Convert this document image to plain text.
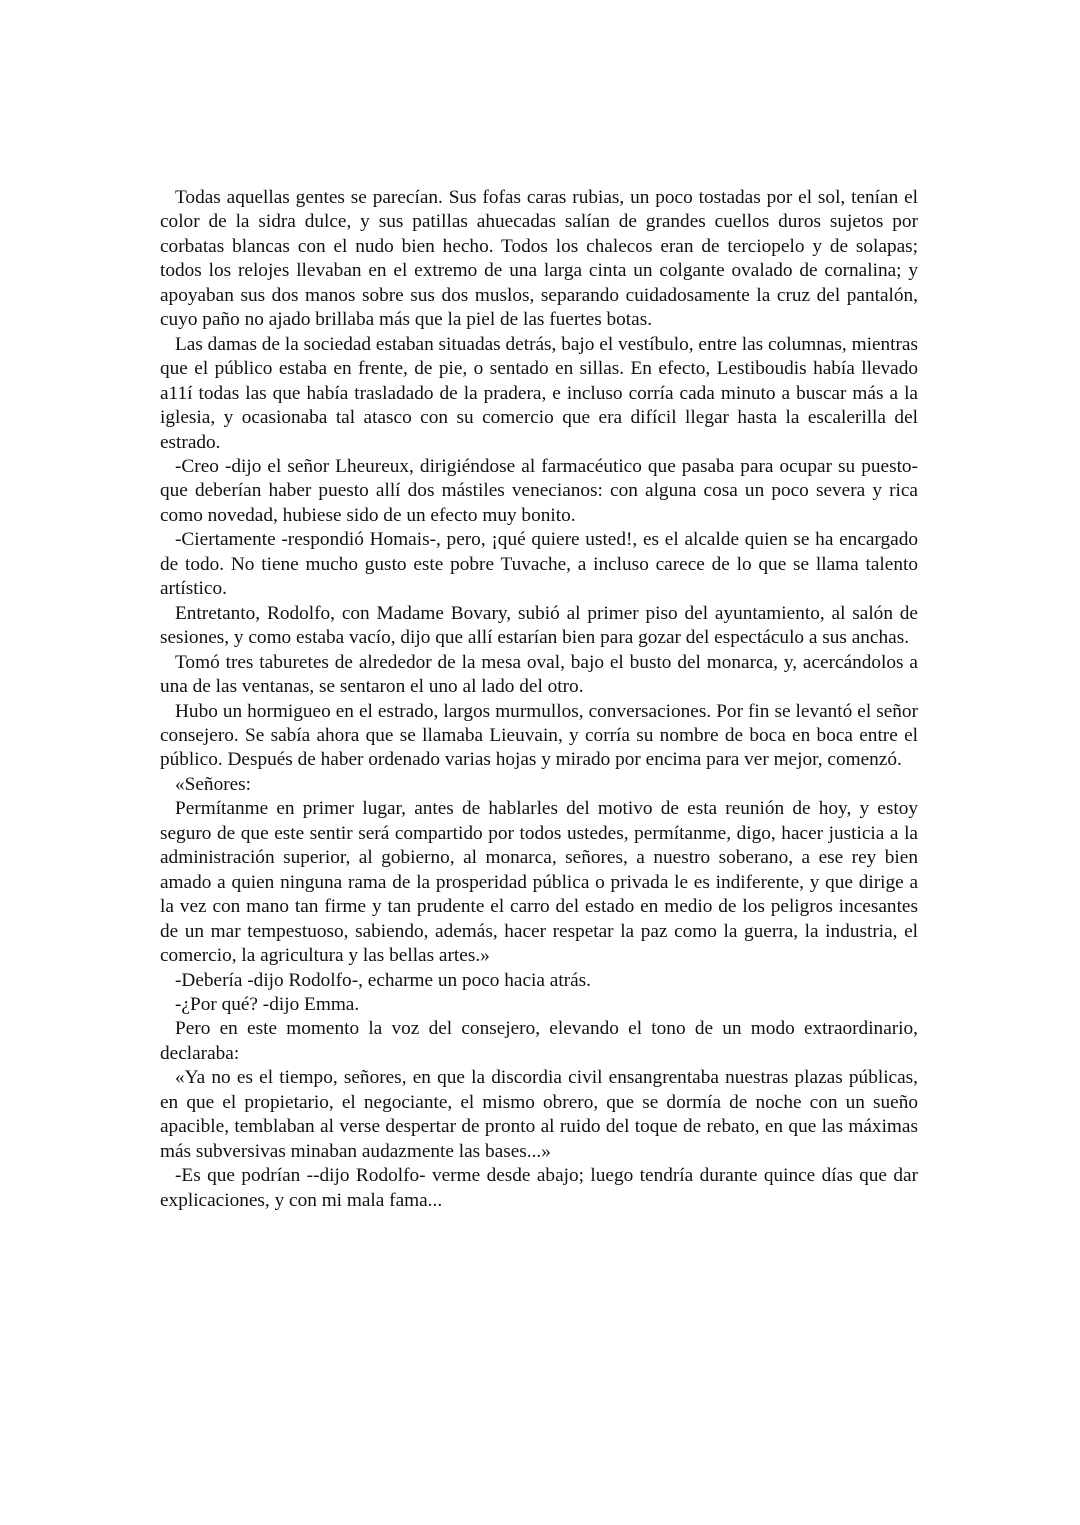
Todas aquellas gentes se parecían. Sus fofas caras rubias, un poco tostadas por el sol, tenían el color de la sidra dulce, y sus patillas ahuecadas salían de grandes cuellos duros sujetos por corbatas blancas con el nudo bien hecho. Todos los chalecos eran de terciopelo y de solapas; todos los relojes llevaban en el extremo de una larga cinta un colgante ovalado de cornalina; y apoyaban sus dos manos sobre sus dos muslos, separando cuidadosamente la cruz del pantalón, cuyo paño no ajado brillaba más que la piel de las fuertes botas.

Las damas de la sociedad estaban situadas detrás, bajo el vestíbulo, entre las columnas, mientras que el público estaba en frente, de pie, o sentado en sillas. En efecto, Lestiboudis había llevado a11í todas las que había trasladado de la pradera, e incluso corría cada minuto a buscar más a la iglesia, y ocasionaba tal atasco con su comercio que era difícil llegar hasta la escalerilla del estrado.

-Creo -dijo el señor Lheureux, dirigiéndose al farmacéutico que pasaba para ocupar su puesto- que deberían haber puesto allí dos mástiles venecianos: con alguna cosa un poco severa y rica como novedad, hubiese sido de un efecto muy bonito.

-Ciertamente -respondió Homais-, pero, ¡qué quiere usted!, es el alcalde quien se ha encargado de todo. No tiene mucho gusto este pobre Tuvache, a incluso carece de lo que se llama talento artístico.

Entretanto, Rodolfo, con Madame Bovary, subió al primer piso del ayuntamiento, al salón de sesiones, y como estaba vacío, dijo que allí estarían bien para gozar del espectáculo a sus anchas.

Tomó tres taburetes de alrededor de la mesa oval, bajo el busto del monarca, y, acercándolos a una de las ventanas, se sentaron el uno al lado del otro.

Hubo un hormigueo en el estrado, largos murmullos, conversaciones. Por fin se levantó el señor consejero. Se sabía ahora que se llamaba Lieuvain, y corría su nombre de boca en boca entre el público. Después de haber ordenado varias hojas y mirado por encima para ver mejor, comenzó.

«Señores:

Permítanme en primer lugar, antes de hablarles del motivo de esta reunión de hoy, y estoy seguro de que este sentir será compartido por todos ustedes, permítanme, digo, hacer justicia a la administración superior, al gobierno, al monarca, señores, a nuestro soberano, a ese rey bien amado a quien ninguna rama de la prosperidad pública o privada le es indiferente, y que dirige a la vez con mano tan firme y tan prudente el carro del estado en medio de los peligros incesantes de un mar tempestuoso, sabiendo, además, hacer respetar la paz como la guerra, la industria, el comercio, la agricultura y las bellas artes.»

-Debería -dijo Rodolfo-, echarme un poco hacia atrás.

-¿Por qué? -dijo Emma.

Pero en este momento la voz del consejero, elevando el tono de un modo extraordinario, declaraba:

«Ya no es el tiempo, señores, en que la discordia civil ensangrentaba nuestras plazas públicas, en que el propietario, el negociante, el mismo obrero, que se dormía de noche con un sueño apacible, temblaban al verse despertar de pronto al ruido del toque de rebato, en que las máximas más subversivas minaban audazmente las bases...»

-Es que podrían --dijo Rodolfo- verme desde abajo; luego tendría durante quince días que dar explicaciones, y con mi mala fama...
